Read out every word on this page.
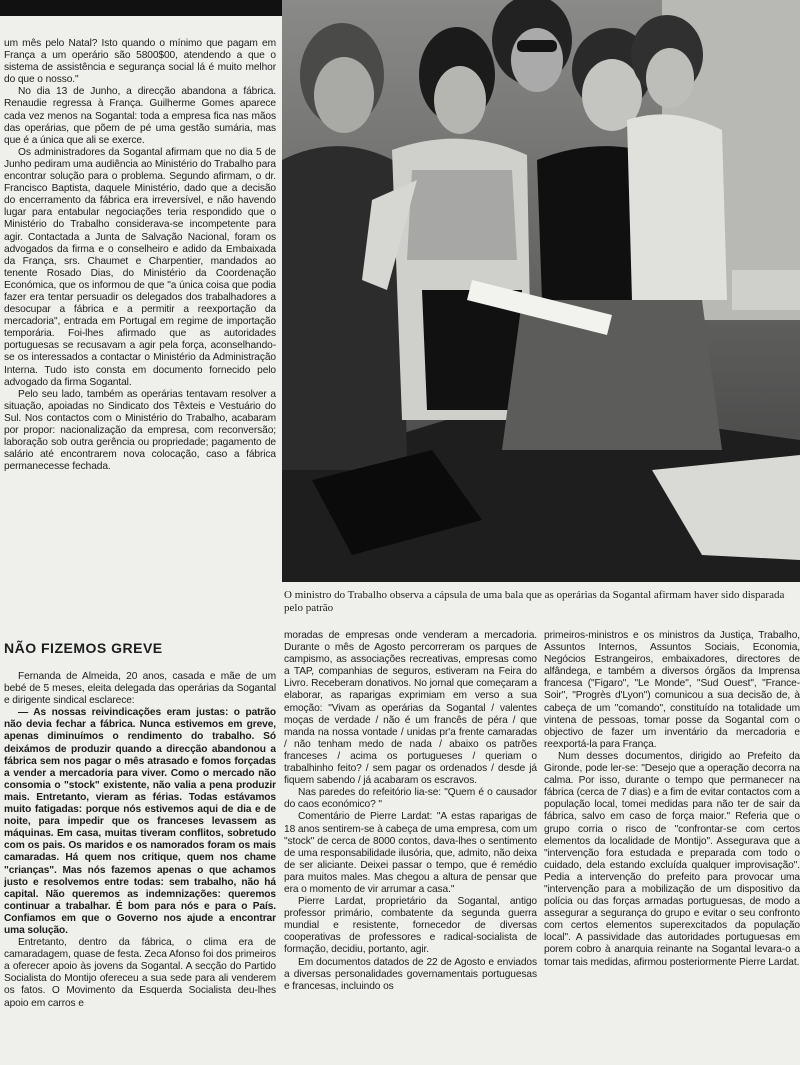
um mês pelo Natal? Isto quando o mínimo que pagam em França a um operário são 5800$00, atendendo a que o sistema de assistência e segurança social lá é muito melhor do que o nosso."

No dia 13 de Junho, a direcção abandona a fábrica. Renaudie regressa à França. Guilherme Gomes aparece cada vez menos na Sogantal: toda a empresa fica nas mãos das operárias, que põem de pé uma gestão sumária, mas que é a única que ali se exerce.

Os administradores da Sogantal afirmam que no dia 5 de Junho pediram uma audiência ao Ministério do Trabalho para encontrar solução para o problema. Segundo afirmam, o dr. Francisco Baptista, daquele Ministério, dado que a decisão do encerramento da fábrica era irreversível, e não havendo lugar para entabular negociações teria respondido que o Ministério do Trabalho considerava-se incompetente para agir. Contactada a Junta de Salvação Nacional, foram os advogados da firma e o conselheiro e adido da Embaixada da França, srs. Chaumet e Charpentier, mandados ao tenente Rosado Dias, do Ministério da Coordenação Económica, que os informou de que "a única coisa que podia fazer era tentar persuadir os delegados dos trabalhadores a desocupar a fábrica e a permitir a reexportação da mercadoria", entrada em Portugal em regime de importação temporária. Foi-lhes afirmado que as autoridades portuguesas se recusavam a agir pela força, aconselhando-se os interessados a contactar o Ministério da Administração Interna. Tudo isto consta em documento fornecido pelo advogado da firma Sogantal.

Pelo seu lado, também as operárias tentavam resolver a situação, apoiadas no Sindicato dos Têxteis e Vestuário do Sul. Nos contactos com o Ministério do Trabalho, acabaram por propor: nacionalização da empresa, com reconversão; laboração sob outra gerência ou propriedade; pagamento de salário até encontrarem nova colocação, caso a fábrica permanecesse fechada.

O ministro do Trabalho observa a cápsula de uma bala que as operárias da Sogantal afirmam haver sido disparada pelo patrão
NÃO FIZEMOS GREVE

Fernanda de Almeida, 20 anos, casada e mãe de um bebé de 5 meses, eleita delegada das operárias da Sogantal e dirigente sindical esclarece:

— As nossas reivindicações eram justas: o patrão não devia fechar a fábrica. Nunca estivemos em greve, apenas diminuímos o rendimento do trabalho. Só deixámos de produzir quando a direcção abandonou a fábrica sem nos pagar o mês atrasado e fomos forçadas a vender a mercadoria para viver. Como o mercado não consomia o "stock" existente, não valia a pena produzir mais. Entretanto, vieram as férias. Todas estávamos muito fatigadas: porque nós estivemos aqui de dia e de noite, para impedir que os franceses levassem as máquinas. Em casa, muitas tiveram conflitos, sobretudo com os pais. Os maridos e os namorados foram os mais camaradas. Há quem nos critique, quem nos chame "crianças". Mas nós fazemos apenas o que achamos justo e resolvemos entre todas: sem trabalho, não há capital. Não queremos as indemnizações: queremos continuar a trabalhar. É bom para nós e para o País. Confiamos em que o Governo nos ajude a encontrar uma solução.

Entretanto, dentro da fábrica, o clima era de camaradagem, quase de festa. Zeca Afonso foi dos primeiros a oferecer apoio às jovens da Sogantal. A secção do Partido Socialista do Montijo ofereceu a sua sede para ali venderem os fatos. O Movimento da Esquerda Socialista deu-lhes apoio em carros e

moradas de empresas onde venderam a mercadoria. Durante o mês de Agosto percorreram os parques de campismo, as associações recreativas, empresas como a TAP, companhias de seguros, estiveram na Feira do Livro. Receberam donativos. No jornal que começaram a elaborar, as raparigas exprimiam em verso a sua emoção: "Vivam as operárias da Sogantal / valentes moças de verdade / não é um francês de péra / que manda na nossa vontade / unidas pr'a frente camaradas / não tenham medo de nada / abaixo os patrões franceses / acima os portugueses / queriam o trabalhinho feito? / sem pagar os ordenados / desde já fiquem sabendo / já acabaram os escravos.

Nas paredes do refeitório lia-se: "Quem é o causador do caos económico? "

Comentário de Pierre Lardat: "A estas raparigas de 18 anos sentirem-se à cabeça de uma empresa, com um "stock" de cerca de 8000 contos, dava-lhes o sentimento de uma responsabilidade ilusória, que, admito, não deixa de ser aliciante. Deixei passar o tempo, que é remédio para muitos males. Mas chegou a altura de pensar que era o momento de vir arrumar a casa."

Pierre Lardat, proprietário da Sogantal, antigo professor primário, combatente da segunda guerra mundial e resistente, fornecedor de diversas cooperativas de professores e radical-socialista de formação, decidiu, portanto, agir.

Em documentos datados de 22 de Agosto e enviados a diversas personalidades governamentais portuguesas e francesas, incluindo os

primeiros-ministros e os ministros da Justiça, Trabalho, Assuntos Internos, Assuntos Sociais, Economia, Negócios Estrangeiros, embaixadores, directores de alfândega, e também a diversos órgãos da Imprensa francesa ("Figaro", "Le Monde", "Sud Ouest", "France-Soir", "Progrès d'Lyon") comunicou a sua decisão de, à cabeça de um "comando", constituído na totalidade um vintena de pessoas, tomar posse da Sogantal com o objectivo de fazer um inventário da mercadoria e reexportá-la para França.

Num desses documentos, dirigido ao Prefeito da Gironde, pode ler-se: "Desejo que a operação decorra na calma. Por isso, durante o tempo que permanecer na fábrica (cerca de 7 dias) e a fim de evitar contactos com a população local, tomei medidas para não ter de sair da fábrica, salvo em caso de força maior." Referia que o grupo corria o risco de "confrontar-se com certos elementos da localidade de Montijo". Assegurava que a "intervenção fora estudada e preparada com todo o cuidado, dela estando excluída qualquer improvisação". Pedia a intervenção do prefeito para provocar uma "intervenção para a mobilização de um dispositivo da polícia ou das forças armadas portuguesas, de modo a assegurar a segurança do grupo e evitar o seu confronto com certos elementos superexcitados da população local". A passividade das autoridades portuguesas em porem cobro à anarquia reinante na Sogantal levara-o a tomar tais medidas, afirmou posteriormente Pierre Lardat.
